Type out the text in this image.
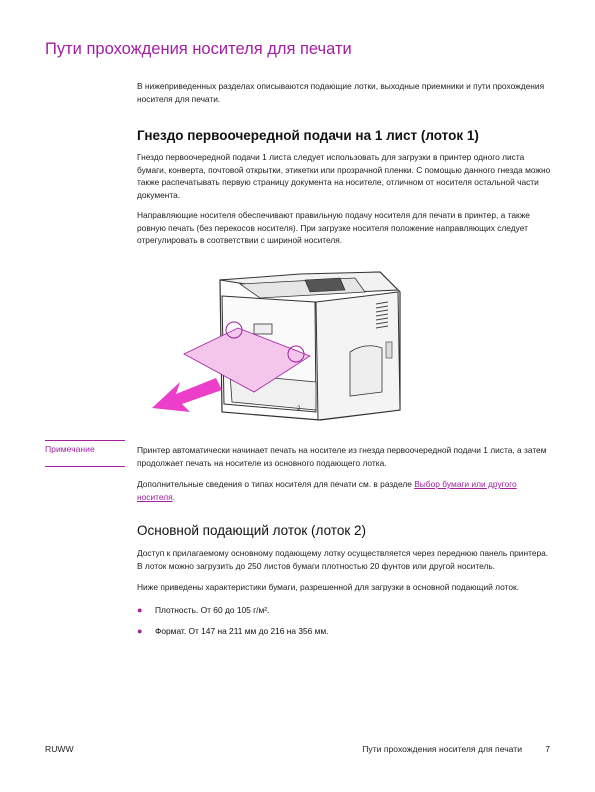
Пути прохождения носителя для печати

В нижеприведенных разделах описываются подающие лотки, выходные приемники и пути прохождения носителя для печати.

Гнездо первоочередной подачи на 1 лист (лоток 1)

Гнездо первоочередной подачи 1 листа следует использовать для загрузки в принтер одного листа бумаги, конверта, почтовой открытки, этикетки или прозрачной пленки. С помощью данного гнезда можно также распечатывать первую страницу документа на носителе, отличном от носителя остальной части документа.

Направляющие носителя обеспечивают правильную подачу носителя для печати в принтер, а также ровную печать (без перекосов носителя). При загрузке носителя положение направляющих следует отрегулировать в соответствии с шириной носителя.

2
Примечание	Принтер автоматически начинает печать на носителе из гнезда первоочередной подачи 1 листа, а затем продолжает печать на носителе из основного подающего лотка.

Дополнительные сведения о типах носителя для печати см. в разделе Выбор бумаги или другого носителя.

Основной подающий лоток (лоток 2)

Доступ к прилагаемому основному подающему лотку осуществляется через переднюю панель принтера. В лоток можно загрузить до 250 листов бумаги плотностью 20 фунтов или другой носитель.

Ниже приведены характеристики бумаги, разрешенной для загрузки в основной подающий лоток.

● Плотность. От 60 до 105 г/м².
● Формат. От 147 на 211 мм до 216 на 356 мм.
RUWW	Пути прохождения носителя для печати	7
